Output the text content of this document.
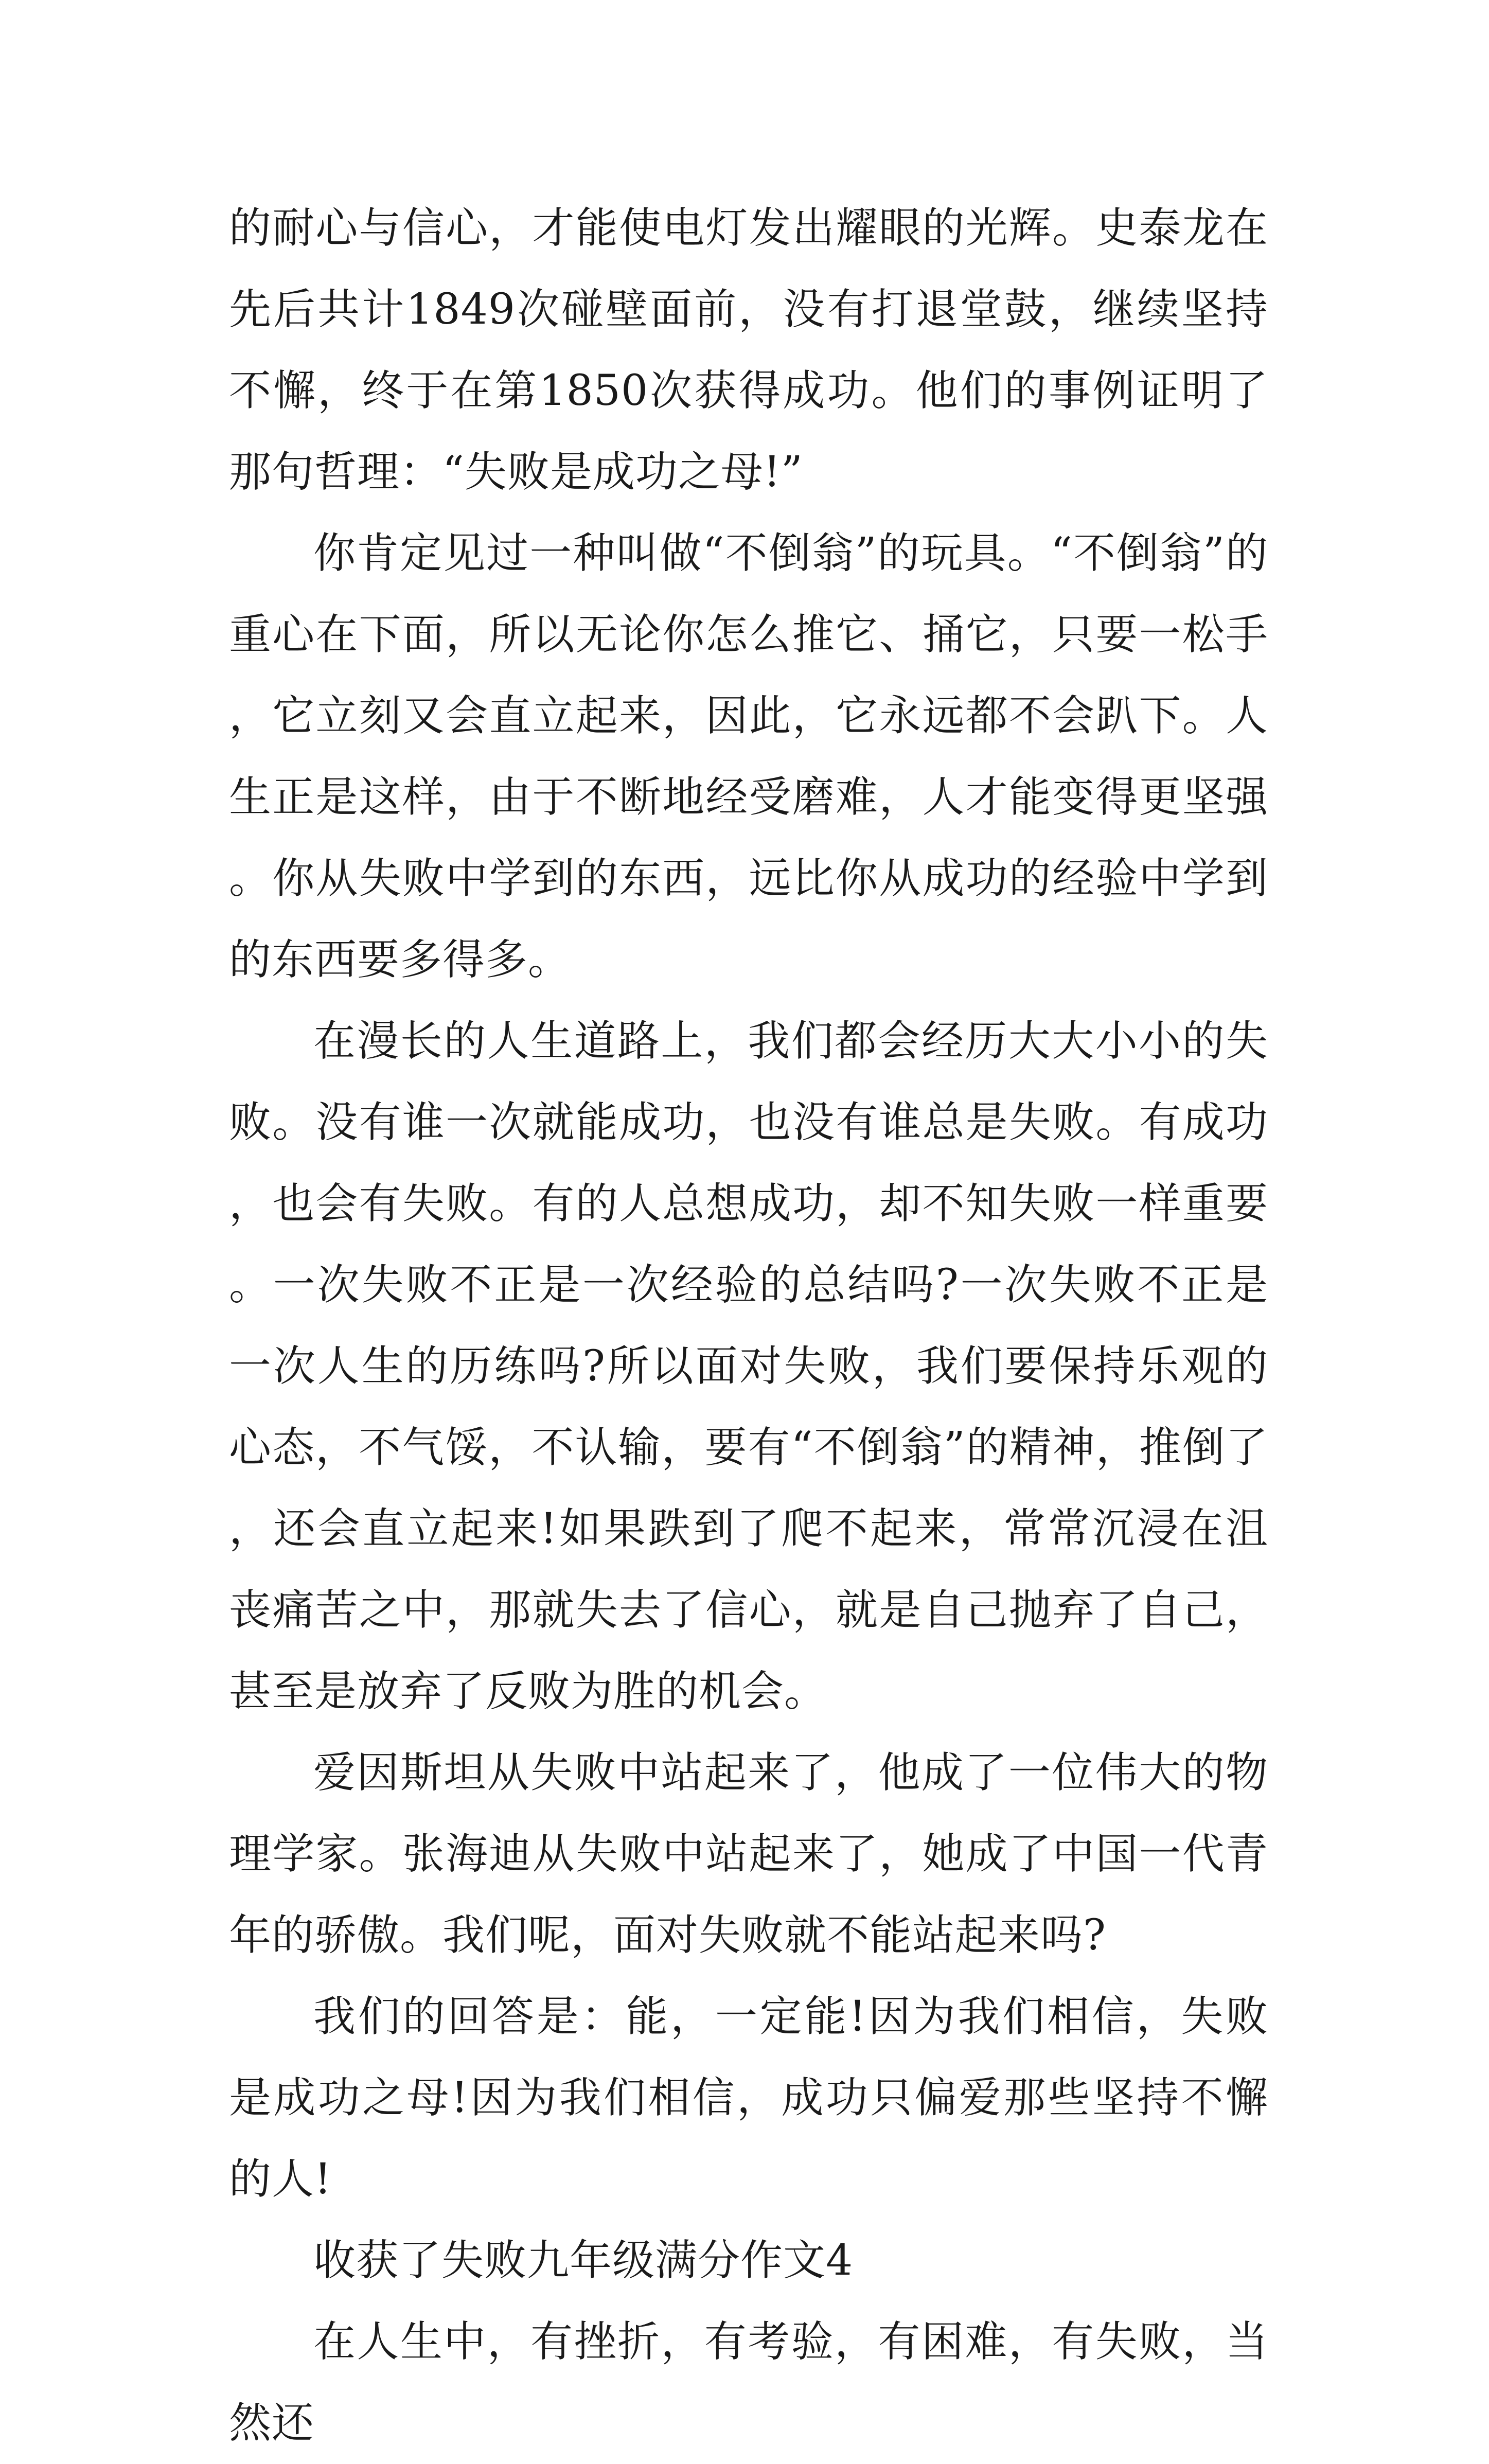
的耐心与信心，才能使电灯发出耀眼的光辉。史泰龙在先后共计1849次碰壁面前，没有打退堂鼓，继续坚持不懈，终于在第1850次获得成功。他们的事例证明了那句哲理：“失败是成功之母!”

你肯定见过一种叫做“不倒翁”的玩具。“不倒翁”的重心在下面，所以无论你怎么推它、捅它，只要一松手，它立刻又会直立起来，因此，它永远都不会趴下。人生正是这样，由于不断地经受磨难，人才能变得更坚强。你从失败中学到的东西，远比你从成功的经验中学到的东西要多得多。

在漫长的人生道路上，我们都会经历大大小小的失败。没有谁一次就能成功，也没有谁总是失败。有成功，也会有失败。有的人总想成功，却不知失败一样重要。一次失败不正是一次经验的总结吗?一次失败不正是一次人生的历练吗?所以面对失败，我们要保持乐观的心态，不气馁，不认输，要有“不倒翁”的精神，推倒了，还会直立起来!如果跌到了爬不起来，常常沉浸在沮丧痛苦之中，那就失去了信心，就是自己抛弃了自己，甚至是放弃了反败为胜的机会。

爱因斯坦从失败中站起来了，他成了一位伟大的物理学家。张海迪从失败中站起来了，她成了中国一代青年的骄傲。我们呢，面对失败就不能站起来吗?

我们的回答是：能，一定能!因为我们相信，失败是成功之母!因为我们相信，成功只偏爱那些坚持不懈的人!

收获了失败九年级满分作文4

在人生中，有挫折，有考验，有困难，有失败，当然还
